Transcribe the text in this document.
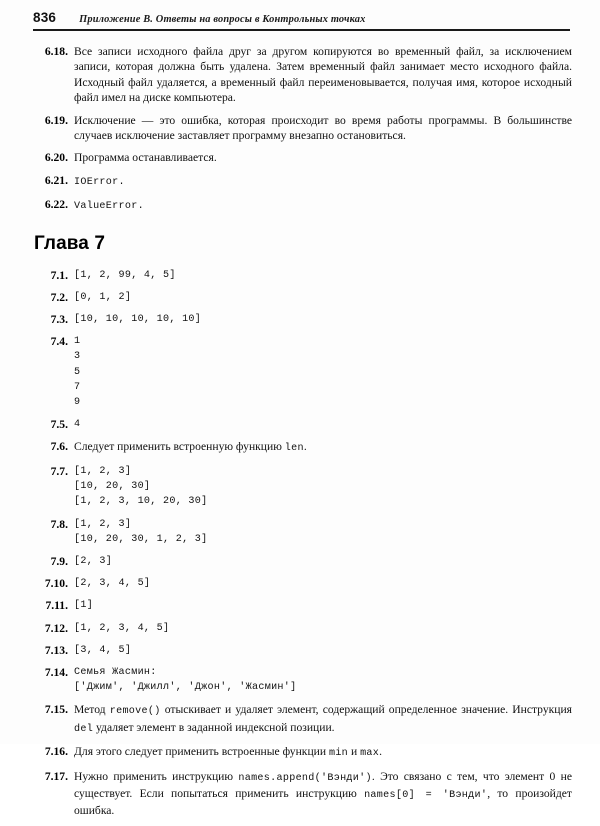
836 Приложение B. Ответы на вопросы в Контрольных точках
6.18. Все записи исходного файла друг за другом копируются во временный файл, за исключением записи, которая должна быть удалена. Затем временный файл занимает место исходного файла. Исходный файл удаляется, а временный файл переименовывается, получая имя, которое исходный файл имел на диске компьютера.
6.19. Исключение — это ошибка, которая происходит во время работы программы. В большинстве случаев исключение заставляет программу внезапно остановиться.
6.20. Программа останавливается.
6.21. IOError.
6.22. ValueError.
Глава 7
7.1. [1, 2, 99, 4, 5]
7.2. [0, 1, 2]
7.3. [10, 10, 10, 10, 10]
7.4. 1
3
5
7
9
7.5. 4
7.6. Следует применить встроенную функцию len.
7.7. [1, 2, 3]
[10, 20, 30]
[1, 2, 3, 10, 20, 30]
7.8. [1, 2, 3]
[10, 20, 30, 1, 2, 3]
7.9. [2, 3]
7.10. [2, 3, 4, 5]
7.11. [1]
7.12. [1, 2, 3, 4, 5]
7.13. [3, 4, 5]
7.14. Семья Жасмин:
['Джим', 'Джилл', 'Джон', 'Жасмин']
7.15. Метод remove() отыскивает и удаляет элемент, содержащий определенное значение. Инструкция del удаляет элемент в заданной индексной позиции.
7.16. Для этого следует применить встроенные функции min и max.
7.17. Нужно применить инструкцию names.append('Вэнди'). Это связано с тем, что элемент 0 не существует. Если попытаться применить инструкцию names[0] = 'Вэнди', то произойдет ошибка.
